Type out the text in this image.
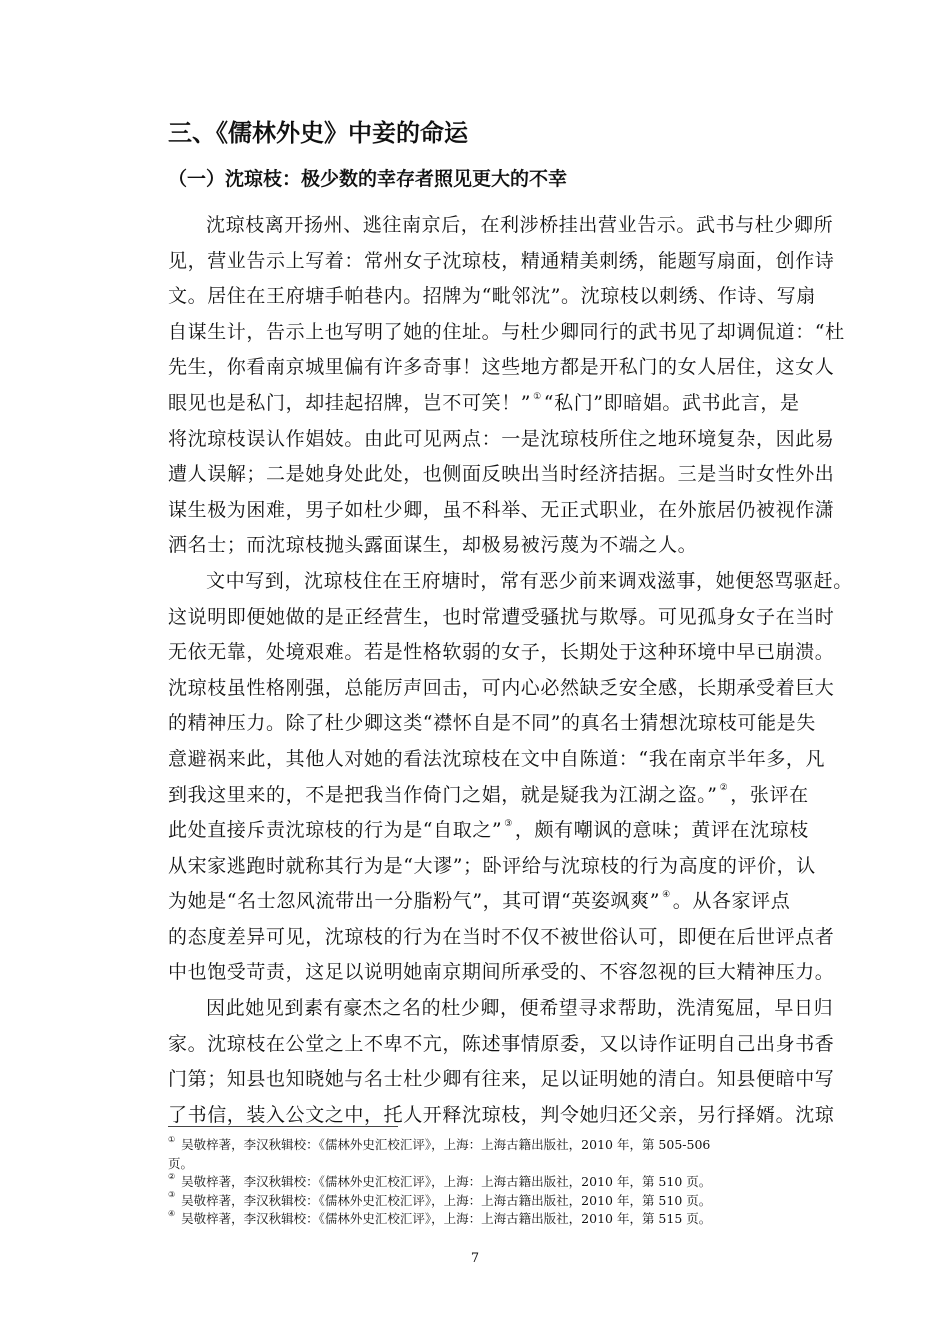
三、《儒林外史》中妾的命运
（一）沈琼枝：极少数的幸存者照见更大的不幸
沈琼枝离开扬州、逃往南京后，在利涉桥挂出营业告示。武书与杜少卿所
见，营业告示上写着：常州女子沈琼枝，精通精美刺绣，能题写扇面，创作诗
文。居住在王府塘手帕巷内。招牌为“毗邻沈”。沈琼枝以刺绣、作诗、写扇
自谋生计，告示上也写明了她的住址。与杜少卿同行的武书见了却调侃道：“杜
先生，你看南京城里偏有许多奇事！这些地方都是开私门的女人居住，这女人
眼见也是私门，却挂起招牌，岂不可笑！” ① “私门”即暗娼。武书此言，是
将沈琼枝误认作娼妓。由此可见两点：一是沈琼枝所住之地环境复杂，因此易
遭人误解；二是她身处此处，也侧面反映出当时经济拮据。三是当时女性外出
谋生极为困难，男子如杜少卿，虽不科举、无正式职业，在外旅居仍被视作潇
洒名士；而沈琼枝抛头露面谋生，却极易被污蔑为不端之人。
文中写到，沈琼枝住在王府塘时，常有恶少前来调戏滋事，她便怒骂驱赶。
这说明即便她做的是正经营生，也时常遭受骚扰与欺辱。可见孤身女子在当时
无依无靠，处境艰难。若是性格软弱的女子，长期处于这种环境中早已崩溃。
沈琼枝虽性格刚强，总能厉声回击，可内心必然缺乏安全感，长期承受着巨大
的精神压力。除了杜少卿这类“襟怀自是不同”的真名士猜想沈琼枝可能是失
意避祸来此，其他人对她的看法沈琼枝在文中自陈道：“我在南京半年多，凡
到我这里来的，不是把我当作倚门之娼，就是疑我为江湖之盗。” ② ，张评在
此处直接斥责沈琼枝的行为是“自取之” ③ ，颇有嘲讽的意味；黄评在沈琼枝
从宋家逃跑时就称其行为是“大谬”；卧评给与沈琼枝的行为高度的评价，认
为她是“名士忽风流带出一分脂粉气”，其可谓“英姿飒爽” ④ 。从各家评点
的态度差异可见，沈琼枝的行为在当时不仅不被世俗认可，即便在后世评点者
中也饱受苛责，这足以说明她南京期间所承受的、不容忽视的巨大精神压力。
因此她见到素有豪杰之名的杜少卿，便希望寻求帮助，洗清冤屈，早日归
家。沈琼枝在公堂之上不卑不亢，陈述事情原委，又以诗作证明自己出身书香
门第；知县也知晓她与名士杜少卿有往来，足以证明她的清白。知县便暗中写
了书信，装入公文之中，托人开释沈琼枝，判令她归还父亲，另行择婿。沈琼
① 吴敬梓著，李汉秋辑校：《儒林外史汇校汇评》，上海：上海古籍出版社，2010 年，第 505-506
页。
② 吴敬梓著，李汉秋辑校：《儒林外史汇校汇评》，上海：上海古籍出版社，2010 年，第 510 页。
③ 吴敬梓著，李汉秋辑校：《儒林外史汇校汇评》，上海：上海古籍出版社，2010 年，第 510 页。
④ 吴敬梓著，李汉秋辑校：《儒林外史汇校汇评》，上海：上海古籍出版社，2010 年，第 515 页。
7
